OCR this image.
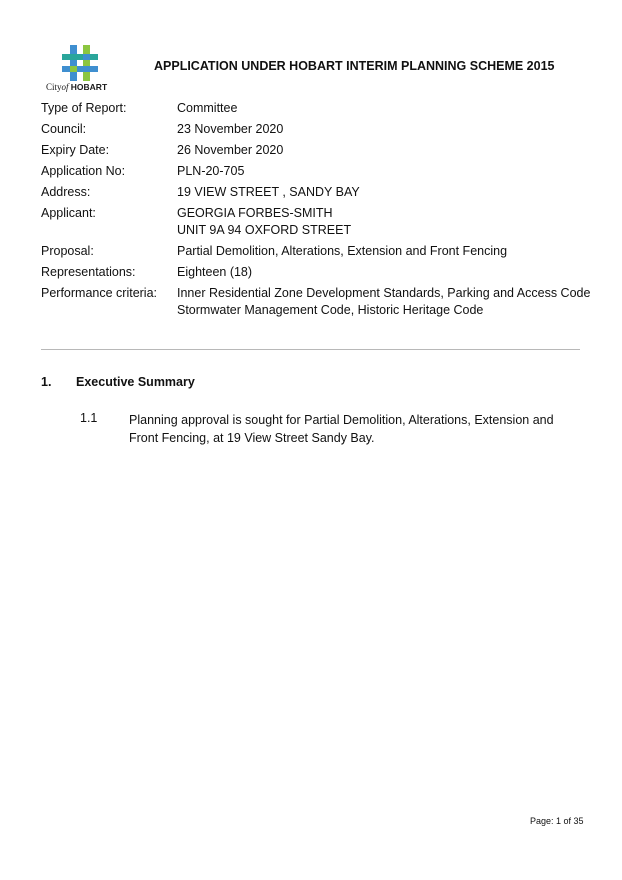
Cityof HOBART
APPLICATION UNDER HOBART INTERIM PLANNING SCHEME 2015
Type of Report:	Committee
Council:	23 November 2020
Expiry Date:	26 November 2020
Application No:	PLN-20-705
Address:	19 VIEW STREET , SANDY BAY
Applicant:	GEORGIA FORBES-SMITH
UNIT 9A 94 OXFORD STREET
Proposal:	Partial Demolition, Alterations, Extension and Front Fencing
Representations:	Eighteen (18)
Performance criteria:	Inner Residential Zone Development Standards, Parking and Access Code
Stormwater Management Code, Historic Heritage Code
1. Executive Summary
1.1	Planning approval is sought for Partial Demolition, Alterations, Extension and Front Fencing, at 19 View Street Sandy Bay.
Page: 1 of 35
